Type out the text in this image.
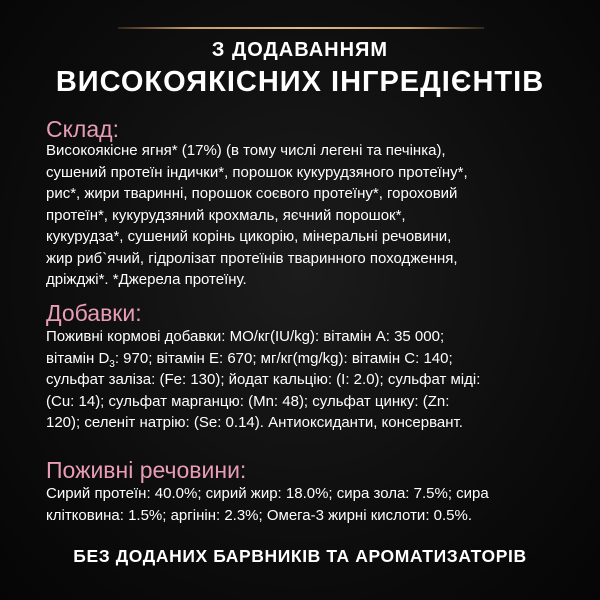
З ДОДАВАННЯМ
ВИСОКОЯКІСНИХ ІНГРЕДІЄНТІВ
Склад:
Високоякісне ягня* (17%) (в тому числі легені та печінка),
сушений протеїн індички*, порошок кукурудзяного протеїну*,
рис*, жири тваринні, порошок соєвого протеїну*, гороховий
протеїн*, кукурудзяний крохмаль, яєчний порошок*,
кукурудза*, сушений корінь цикорію, мінеральні речовини,
жир риб`ячий, гідролізат протеїнів тваринного походження,
дріжджі*. *Джерела протеїну.
Добавки:
Поживні кормові добавки: МО/кг(IU/kg): вітамін А: 35 000;
вітамін $D_3$: 970; вітамін Е: 670; мг/кг(mg/kg): вітамін С: 140;
сульфат заліза: (Fe: 130); йодат кальцію: (I: 2.0); сульфат міді:
(Cu: 14); сульфат марганцю: (Mn: 48); сульфат цинку: (Zn:
120); селеніт натрію: (Se: 0.14). Антиоксиданти, консервант.
Поживні речовини:
Сирий протеїн: 40.0%; сирий жир: 18.0%; сира зола: 7.5%; сира
клітковина: 1.5%; аргінін: 2.3%; Омега-3 жирні кислоти: 0.5%.
БЕЗ ДОДАНИХ БАРВНИКІВ ТА АРОМАТИЗАТОРІВ
